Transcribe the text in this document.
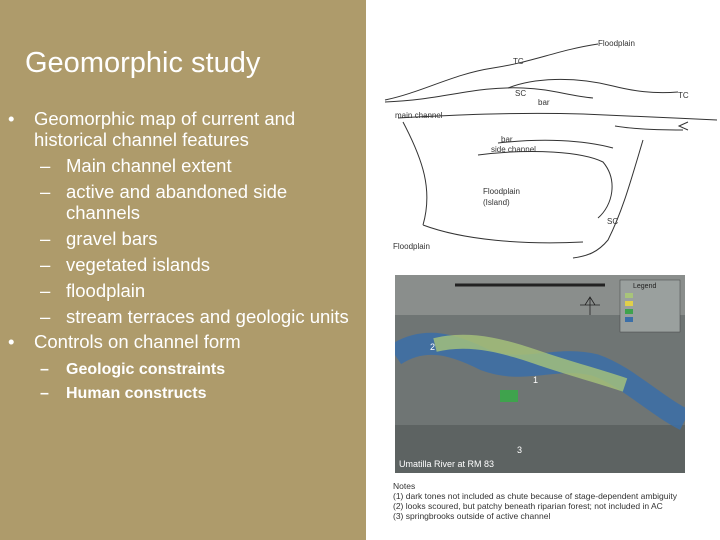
From McDowell & Hughes (2003)
Geomorphic study
• Geomorphic map of current and historical channel features
– Main channel extent
– active and abandoned side channels
– gravel bars
– vegetated islands
– floodplain
– stream terraces and geologic units
• Controls on channel form
– Geologic constraints
– Human constructs
Floodplain
TC
SC
bar
TC
main channel
bar
side channel
Floodplain
(Island)
SC
Floodplain
Legend
2
1
3
Umatilla River at RM 83
Notes
(1) dark tones not included as chute because of stage-dependent ambiguity
(2) looks scoured, but patchy beneath riparian forest; not included in AC
(3) springbrooks outside of active channel
